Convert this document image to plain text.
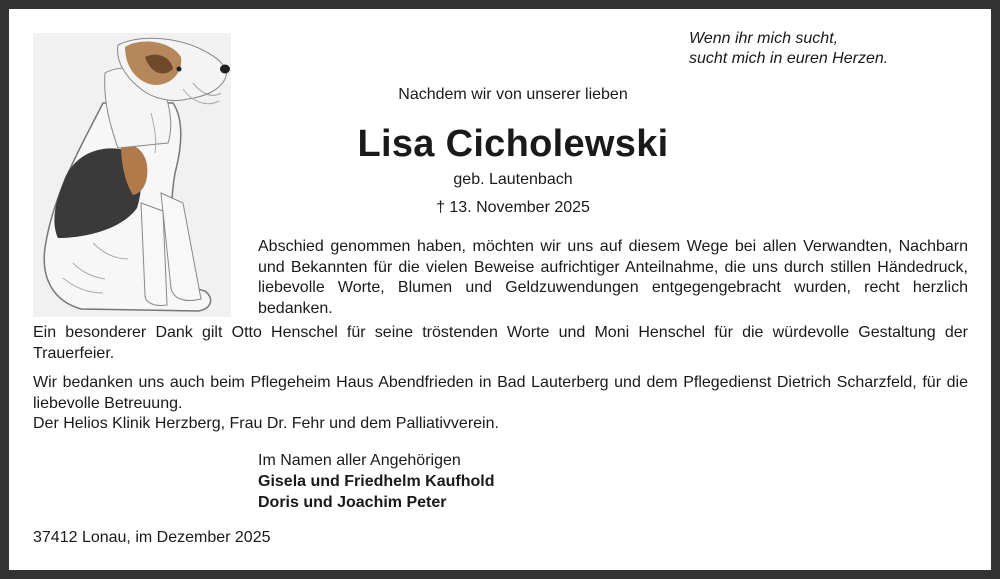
Wenn ihr mich sucht,
sucht mich in euren Herzen.
Nachdem wir von unserer lieben
Lisa Cicholewski
geb. Lautenbach
† 13. November 2025
Abschied genommen haben, möchten wir uns auf diesem Wege bei allen Verwandten, Nachbarn und Bekannten für die vielen Beweise aufrichtiger Anteilnahme, die uns durch stillen Händedruck, liebevolle Worte, Blumen und Geldzuwendungen entgegengebracht wurden, recht herzlich bedanken.
Ein besonderer Dank gilt Otto Henschel für seine tröstenden Worte und Moni Henschel für die würdevolle Gestaltung der Trauerfeier.
Wir bedanken uns auch beim Pflegeheim Haus Abendfrieden in Bad Lauterberg und dem Pflegedienst Dietrich Scharzfeld, für die liebevolle Betreuung.
Der Helios Klinik Herzberg, Frau Dr. Fehr und dem Palliativverein.
Im Namen aller Angehörigen
Gisela und Friedhelm Kaufhold
Doris und Joachim Peter
37412 Lonau, im Dezember 2025
